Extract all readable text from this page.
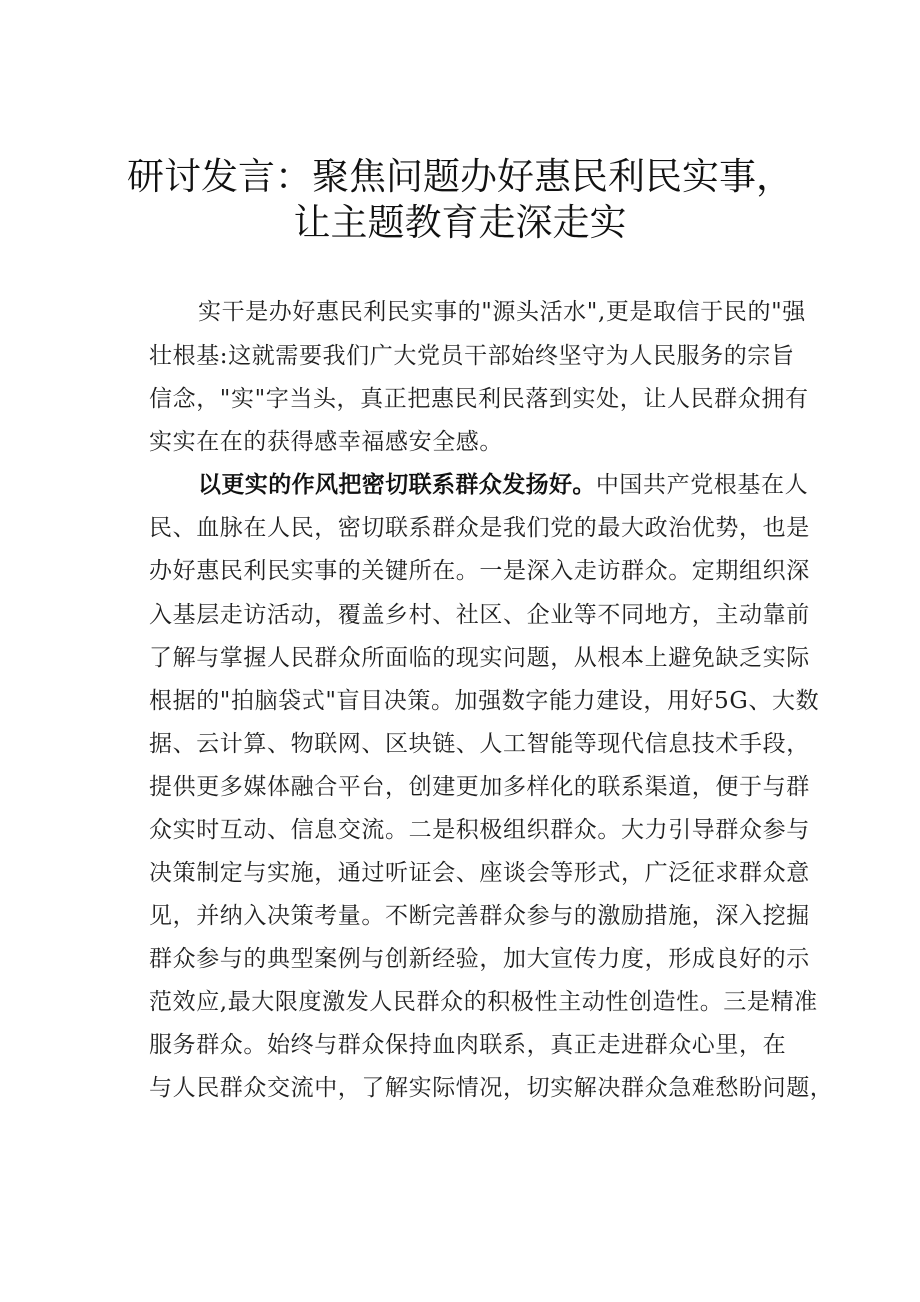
研讨发言：聚焦问题办好惠民利民实事，
让主题教育走深走实
实干是办好惠民利民实事的"源头活水",更是取信于民的"强
壮根基:这就需要我们广大党员干部始终坚守为人民服务的宗旨
信念，"实"字当头，真正把惠民利民落到实处，让人民群众拥有
实实在在的获得感幸福感安全感。
以更实的作风把密切联系群众发扬好。中国共产党根基在人
民、血脉在人民，密切联系群众是我们党的最大政治优势，也是
办好惠民利民实事的关键所在。一是深入走访群众。定期组织深
入基层走访活动，覆盖乡村、社区、企业等不同地方，主动靠前
了解与掌握人民群众所面临的现实问题，从根本上避免缺乏实际
根据的"拍脑袋式"盲目决策。加强数字能力建设，用好5G、大数
据、云计算、物联网、区块链、人工智能等现代信息技术手段，
提供更多媒体融合平台，创建更加多样化的联系渠道，便于与群
众实时互动、信息交流。二是积极组织群众。大力引导群众参与
决策制定与实施，通过听证会、座谈会等形式，广泛征求群众意
见，并纳入决策考量。不断完善群众参与的激励措施，深入挖掘
群众参与的典型案例与创新经验，加大宣传力度，形成良好的示
范效应,最大限度激发人民群众的积极性主动性创造性。三是精准
服务群众。始终与群众保持血肉联系，真正走进群众心里，在
与人民群众交流中，了解实际情况，切实解决群众急难愁盼问题，
